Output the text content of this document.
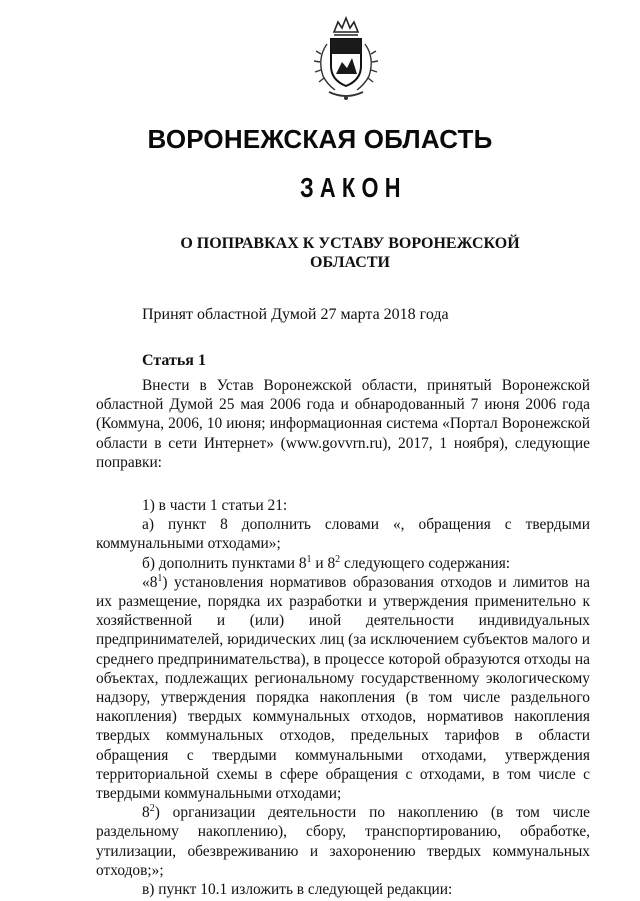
ВОРОНЕЖСКАЯ ОБЛАСТЬ
ЗАКОН
О ПОПРАВКАХ К УСТАВУ ВОРОНЕЖСКОЙ ОБЛАСТИ
Принят областной Думой 27 марта 2018 года
Статья 1

Внести в Устав Воронежской области, принятый Воронежской областной Думой 25 мая 2006 года и обнародованный 7 июня 2006 года (Коммуна, 2006, 10 июня; информационная система «Портал Воронежской области в сети Интернет» (www.govvrn.ru), 2017, 1 ноября), следующие поправки:

1) в части 1 статьи 21:

а) пункт 8 дополнить словами «, обращения с твердыми коммунальными отходами»;

б) дополнить пунктами $8^1$ и $8^2$ следующего содержания:

«$8^1$) установления нормативов образования отходов и лимитов на их размещение, порядка их разработки и утверждения применительно к хозяйственной и (или) иной деятельности индивидуальных предпринимателей, юридических лиц (за исключением субъектов малого и среднего предпринимательства), в процессе которой образуются отходы на объектах, подлежащих региональному государственному экологическому надзору, утверждения порядка накопления (в том числе раздельного накопления) твердых коммунальных отходов, нормативов накопления твердых коммунальных отходов, предельных тарифов в области обращения с твердыми коммунальными отходами, утверждения территориальной схемы в сфере обращения с отходами, в том числе с твердыми коммунальными отходами;

$8^2$) организации деятельности по накоплению (в том числе раздельному накоплению), сбору, транспортированию, обработке, утилизации, обезвреживанию и захоронению твердых коммунальных отходов;»;

в) пункт 10.1 изложить в следующей редакции:
